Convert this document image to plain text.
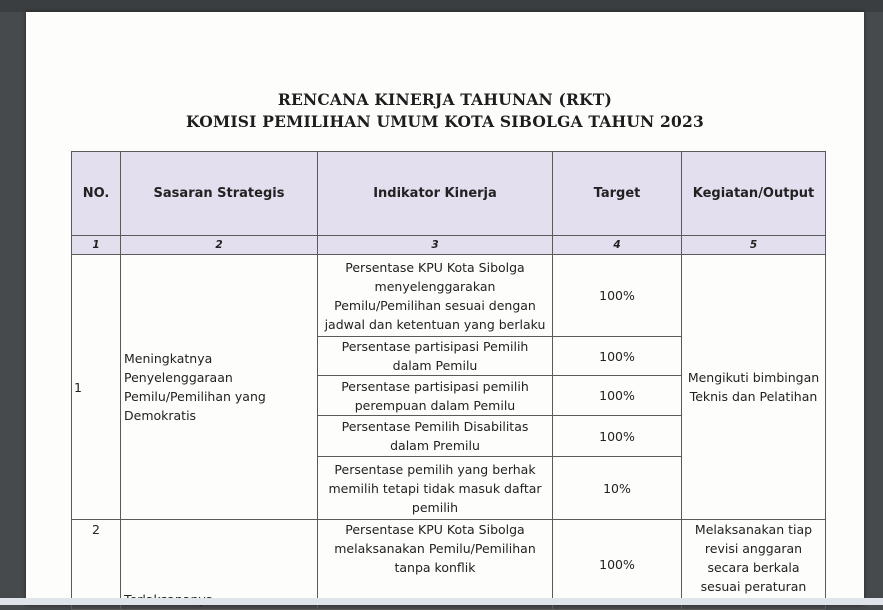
RENCANA KINERJA TAHUNAN (RKT)
KOMISI PEMILIHAN UMUM KOTA SIBOLGA TAHUN 2023
NO.	Sasaran Strategis	Indikator Kinerja	Target	Kegiatan/Output
1	2	3	4	5
1	Meningkatnya Penyelenggaraan Pemilu/Pemilihan yang Demokratis	Persentase KPU Kota Sibolga menyelenggarakan Pemilu/Pemilihan sesuai dengan jadwal dan ketentuan yang berlaku	100%	Mengikuti bimbingan Teknis dan Pelatihan
		Persentase partisipasi Pemilih dalam Pemilu	100%	
		Persentase partisipasi pemilih perempuan dalam Pemilu	100%	
		Persentase Pemilih Disabilitas dalam Premilu	100%	
		Persentase pemilih yang berhak memilih tetapi tidak masuk daftar pemilih	10%	
2		Persentase KPU Kota Sibolga melaksanakan Pemilu/Pemilihan tanpa konflik	100%	Melaksanakan tiap revisi anggaran secara berkala sesuai peraturan
